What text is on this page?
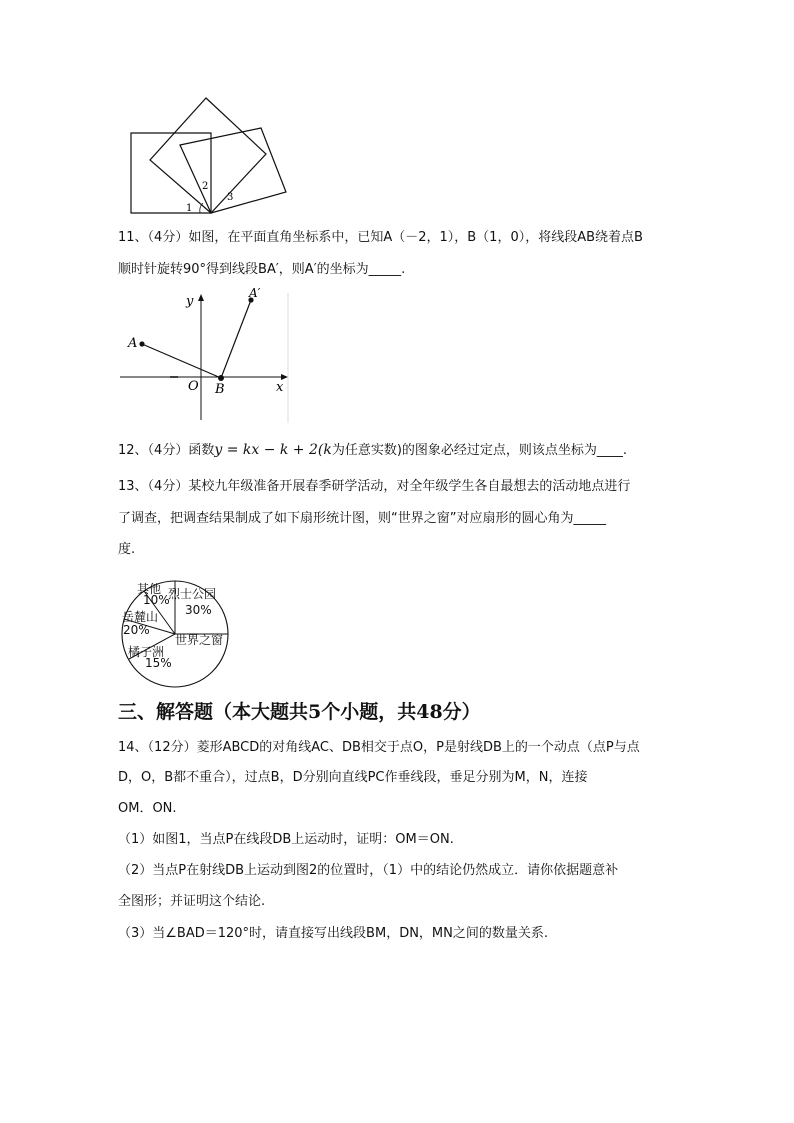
1
2
3
11、（4分）如图，在平面直角坐标系中，已知A（－2，1），B（1，0），将线段AB绕着点B
顺时针旋转90°得到线段BA′，则A′的坐标为_____.
y
x
O
A
B
A′
12、（4分）函数y = kx − k + 2(k为任意实数)的图象必经过定点，则该点坐标为____.
13、（4分）某校九年级准备开展春季研学活动，对全年级学生各自最想去的活动地点进行
了调查，把调查结果制成了如下扇形统计图，则“世界之窗”对应扇形的圆心角为_____
度.
其他
10%
烈士公园
30%
岳麓山
20%
世界之窗
橘子洲
15%
三、解答题（本大题共5个小题，共48分）
14、（12分）菱形ABCD的对角线AC、DB相交于点O，P是射线DB上的一个动点（点P与点
D，O，B都不重合），过点B，D分别向直线PC作垂线段，垂足分别为M，N，连接
OM．ON.
（1）如图1，当点P在线段DB上运动时，证明：OM＝ON.
（2）当点P在射线DB上运动到图2的位置时，（1）中的结论仍然成立．请你依据题意补
全图形；并证明这个结论.
（3）当∠BAD＝120°时，请直接写出线段BM，DN，MN之间的数量关系.
